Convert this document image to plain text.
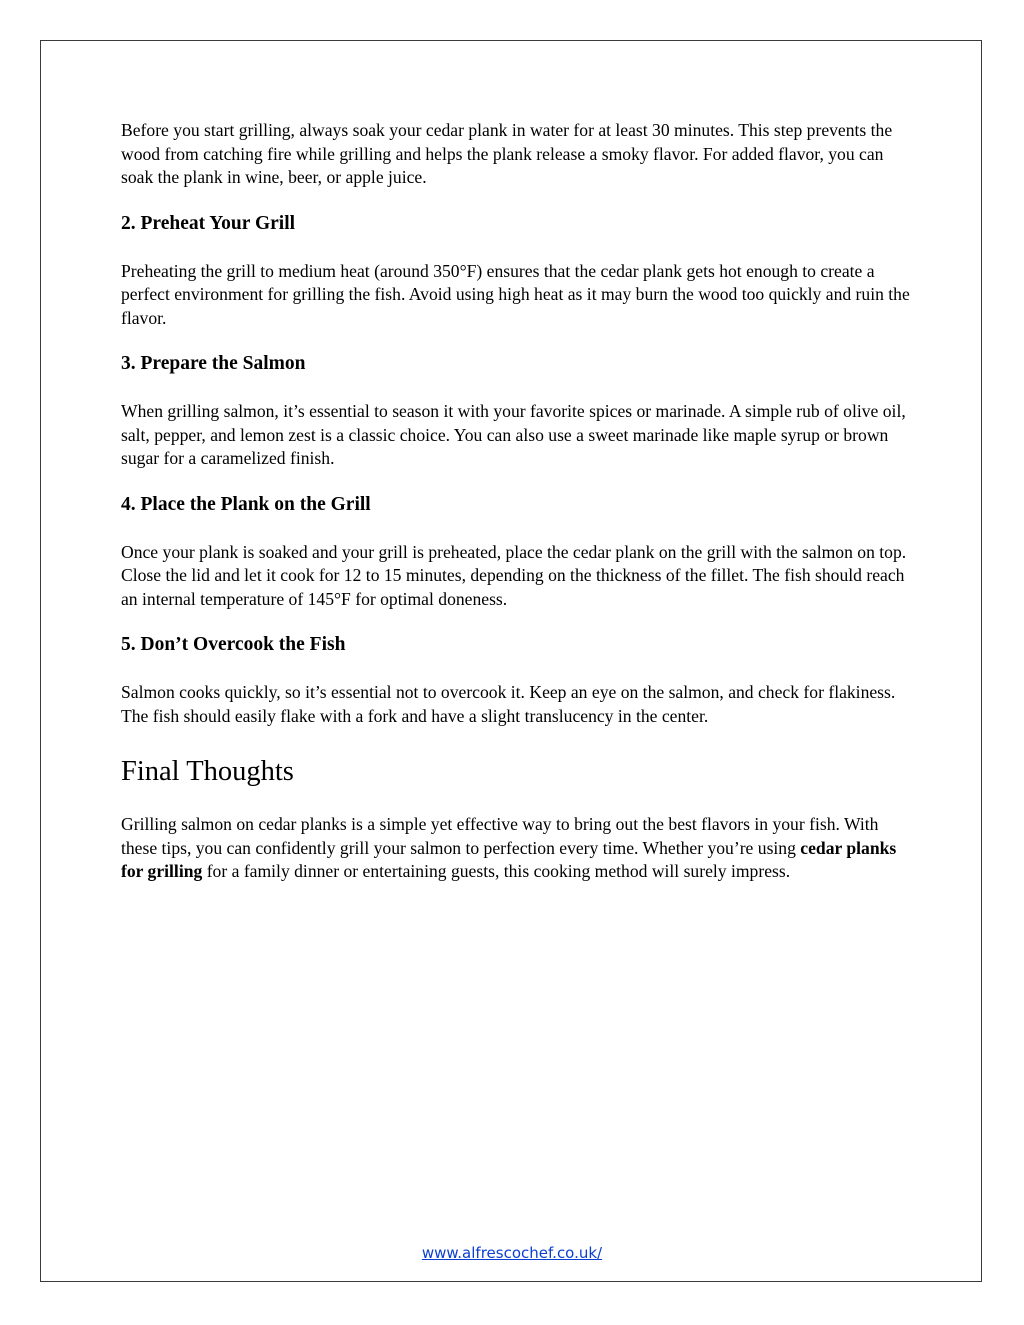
Before you start grilling, always soak your cedar plank in water for at least 30 minutes. This step prevents the wood from catching fire while grilling and helps the plank release a smoky flavor. For added flavor, you can soak the plank in wine, beer, or apple juice.

2. Preheat Your Grill

Preheating the grill to medium heat (around 350°F) ensures that the cedar plank gets hot enough to create a perfect environment for grilling the fish. Avoid using high heat as it may burn the wood too quickly and ruin the flavor.

3. Prepare the Salmon

When grilling salmon, it’s essential to season it with your favorite spices or marinade. A simple rub of olive oil, salt, pepper, and lemon zest is a classic choice. You can also use a sweet marinade like maple syrup or brown sugar for a caramelized finish.

4. Place the Plank on the Grill

Once your plank is soaked and your grill is preheated, place the cedar plank on the grill with the salmon on top. Close the lid and let it cook for 12 to 15 minutes, depending on the thickness of the fillet. The fish should reach an internal temperature of 145°F for optimal doneness.

5. Don’t Overcook the Fish

Salmon cooks quickly, so it’s essential not to overcook it. Keep an eye on the salmon, and check for flakiness. The fish should easily flake with a fork and have a slight translucency in the center.

Final Thoughts

Grilling salmon on cedar planks is a simple yet effective way to bring out the best flavors in your fish. With these tips, you can confidently grill your salmon to perfection every time. Whether you’re using cedar planks for grilling for a family dinner or entertaining guests, this cooking method will surely impress.

www.alfrescochef.co.uk/
